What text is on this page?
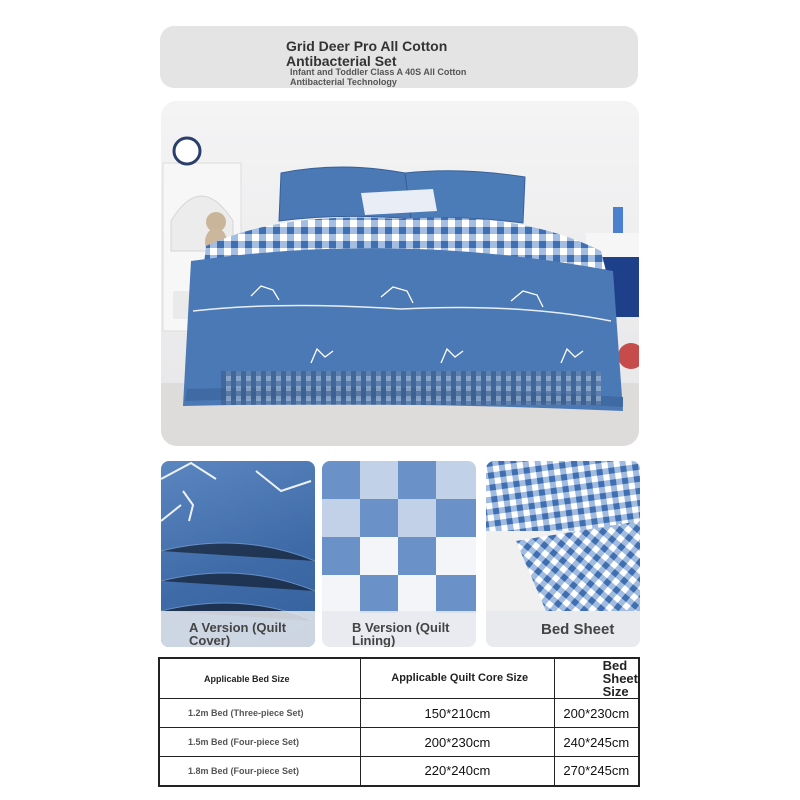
Grid Deer Pro All Cotton Antibacterial Set
Infant and Toddler Class A 40S All Cotton Antibacterial Technology
A Version (Quilt Cover)
B Version (Quilt Lining)
Bed Sheet
Applicable Bed Size	Applicable Quilt Core Size	Bed Sheet Size
1.2m Bed (Three-piece Set)	150*210cm	200*230cm
1.5m Bed (Four-piece Set)	200*230cm	240*245cm
1.8m Bed (Four-piece Set)	220*240cm	270*245cm
